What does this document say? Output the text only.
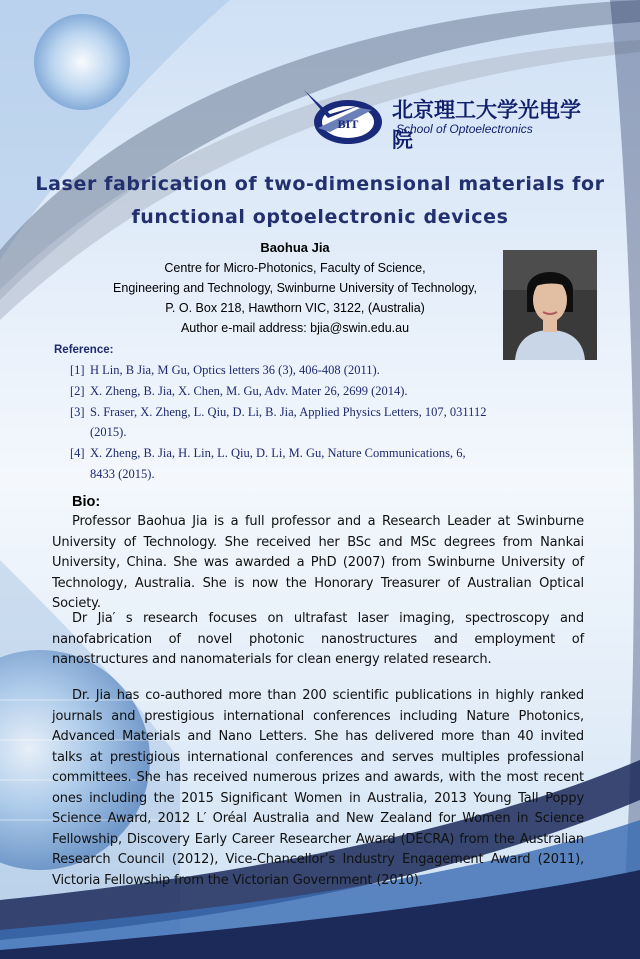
BIT
北京理工大学光电学院
School of Optoelectronics
Laser fabrication of two-dimensional materials for
functional optoelectronic devices
Baohua Jia
Centre for Micro-Photonics, Faculty of Science,
Engineering and Technology, Swinburne University of Technology,
P. O. Box 218, Hawthorn VIC, 3122, (Australia)
Author e-mail address: bjia@swin.edu.au
Reference:
[1] H Lin, B Jia, M Gu, Optics letters 36 (3), 406-408 (2011).
[2] X. Zheng, B. Jia, X. Chen, M. Gu, Adv. Mater 26, 2699 (2014).
[3] S. Fraser, X. Zheng, L. Qiu, D. Li, B. Jia, Applied Physics Letters, 107, 031112 (2015).
[4] X. Zheng, B. Jia, H. Lin, L. Qiu, D. Li, M. Gu, Nature Communications, 6, 8433 (2015).
Bio:

Professor Baohua Jia is a full professor and a Research Leader at Swinburne University of Technology. She received her BSc and MSc degrees from Nankai University, China. She was awarded a PhD (2007) from Swinburne University of Technology, Australia. She is now the Honorary Treasurer of Australian Optical Society.

Dr Jia′ s research focuses on ultrafast laser imaging, spectroscopy and nanofabrication of novel photonic nanostructures and employment of nanostructures and nanomaterials for clean energy related research.

Dr. Jia has co-authored more than 200 scientific publications in highly ranked journals and prestigious international conferences including Nature Photonics, Advanced Materials and Nano Letters. She has delivered more than 40 invited talks at prestigious international conferences and serves multiples professional committees. She has received numerous prizes and awards, with the most recent ones including the 2015 Significant Women in Australia, 2013 Young Tall Poppy Science Award, 2012 L′ Oréal Australia and New Zealand for Women in Science Fellowship, Discovery Early Career Researcher Award (DECRA) from the Australian Research Council (2012), Vice-Chancellor’s Industry Engagement Award (2011), Victoria Fellowship from the Victorian Government (2010).
